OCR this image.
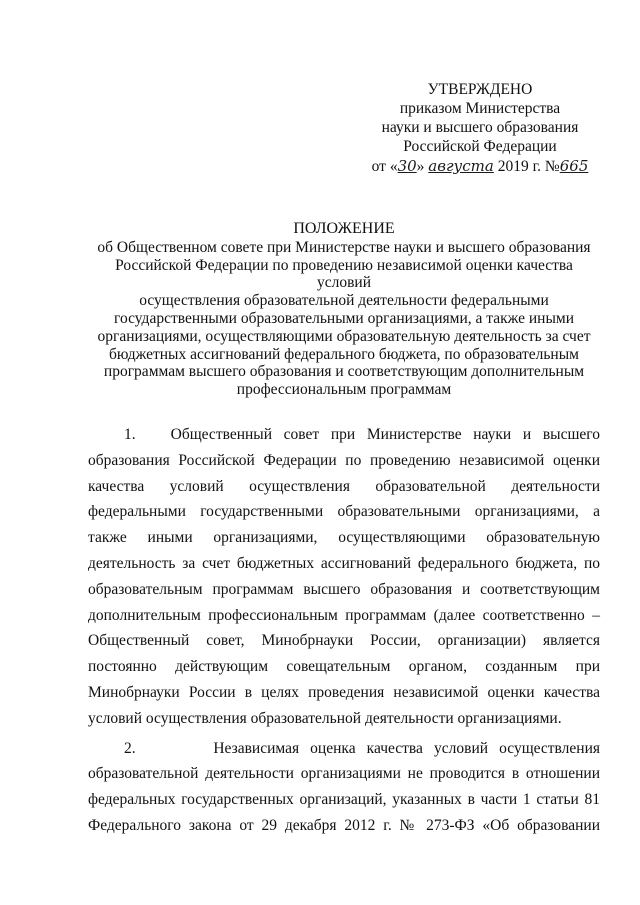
УТВЕРЖДЕНО
приказом Министерства
науки и высшего образования
Российской Федерации
от «30» августа 2019 г. №665
ПОЛОЖЕНИЕ
об Общественном совете при Министерстве науки и высшего образования
Российской Федерации по проведению независимой оценки качества условий
осуществления образовательной деятельности федеральными
государственными образовательными организациями, а также иными
организациями, осуществляющими образовательную деятельность за счет
бюджетных ассигнований федерального бюджета, по образовательным
программам высшего образования и соответствующим дополнительным
профессиональным программам

1. Общественный совет при Министерстве науки и высшего образования Российской Федерации по проведению независимой оценки качества условий осуществления образовательной деятельности федеральными государственными образовательными организациями, а также иными организациями, осуществляющими образовательную деятельность за счет бюджетных ассигнований федерального бюджета, по образовательным программам высшего образования и соответствующим дополнительным профессиональным программам (далее соответственно – Общественный совет, Минобрнауки России, организации) является постоянно действующим совещательным органом, созданным при Минобрнауки России в целях проведения независимой оценки качества условий осуществления образовательной деятельности организациями.

2.	Независимая оценка качества условий осуществления образовательной деятельности организациями не проводится в отношении федеральных государственных организаций, указанных в части 1 статьи 81 Федерального закона от 29 декабря 2012 г. № 273-ФЗ «Об образовании
